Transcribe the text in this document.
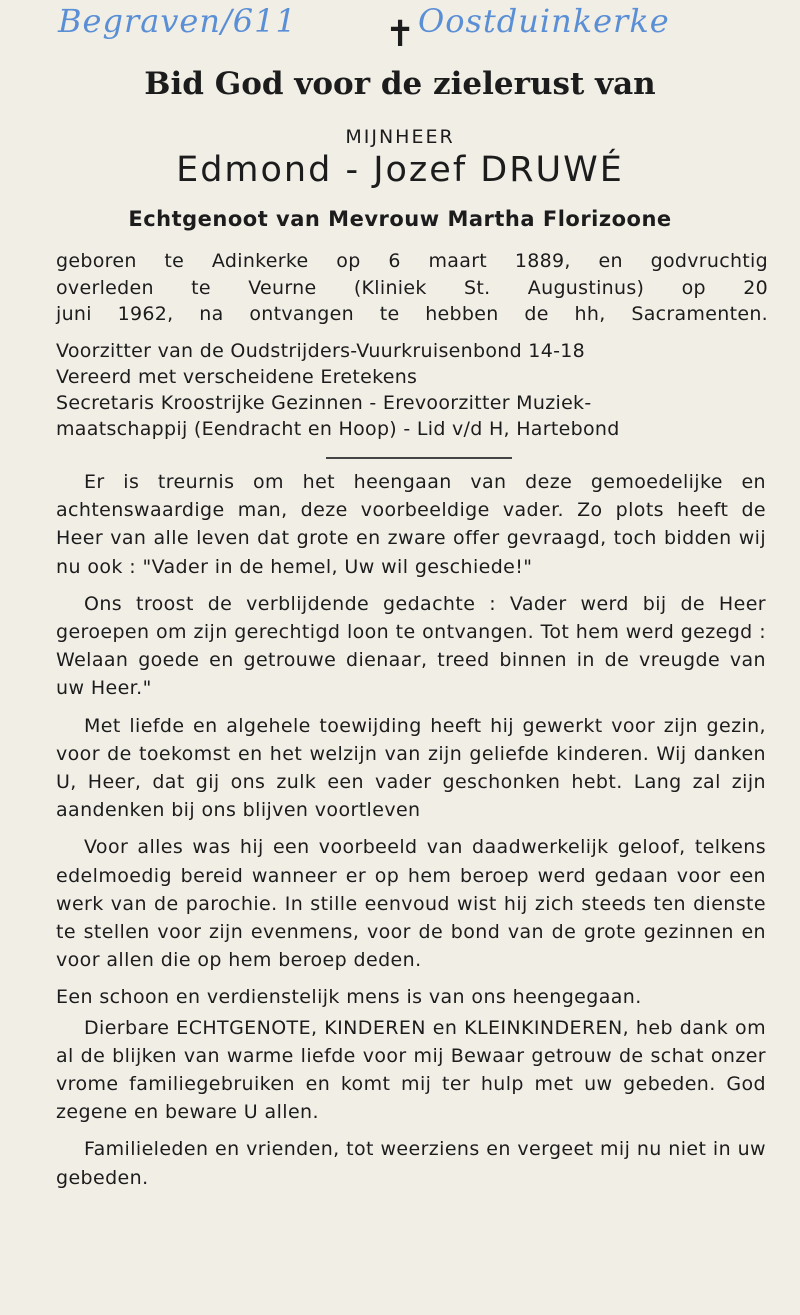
Begraven/611 ✝ Oostduinkerke
Bid God voor de zielerust van
MIJNHEER
Edmond - Jozef DRUWÉ
Echtgenoot van Mevrouw Martha Florizoone

geboren te Adinkerke op 6 maart 1889, en godvruchtig

overleden te Veurne (Kliniek St. Augustinus) op 20

juni 1962, na ontvangen te hebben de hh, Sacramenten.

Voorzitter van de Oudstrijders-Vuurkruisenbond 14-18

Vereerd met verscheidene Eretekens

Secretaris Kroostrijke Gezinnen - Erevoorzitter Muziek-

maatschappij (Eendracht en Hoop) - Lid v/d H, Hartebond

Er is treurnis om het heengaan van deze gemoedelijke en achtenswaardige man, deze voorbeeldige vader. Zo plots heeft de Heer van alle leven dat grote en zware offer gevraagd, toch bidden wij nu ook : "Vader in de hemel, Uw wil geschiede!"

Ons troost de verblijdende gedachte : Vader werd bij de Heer geroepen om zijn gerechtigd loon te ontvangen. Tot hem werd gezegd : Welaan goede en getrouwe dienaar, treed binnen in de vreugde van uw Heer."

Met liefde en algehele toewijding heeft hij gewerkt voor zijn gezin, voor de toekomst en het welzijn van zijn geliefde kinderen. Wij danken U, Heer, dat gij ons zulk een vader geschonken hebt. Lang zal zijn aandenken bij ons blijven voortleven

Voor alles was hij een voorbeeld van daadwerkelijk geloof, telkens edelmoedig bereid wanneer er op hem beroep werd gedaan voor een werk van de parochie. In stille eenvoud wist hij zich steeds ten dienste te stellen voor zijn evenmens, voor de bond van de grote gezinnen en voor allen die op hem beroep deden.

Een schoon en verdienstelijk mens is van ons heengegaan.

Dierbare ECHTGENOTE, KINDEREN en KLEINKINDEREN, heb dank om al de blijken van warme liefde voor mij Bewaar getrouw de schat onzer vrome familiegebruiken en komt mij ter hulp met uw gebeden. God zegene en beware U allen.

Familieleden en vrienden, tot weerziens en vergeet mij nu niet in uw gebeden.
